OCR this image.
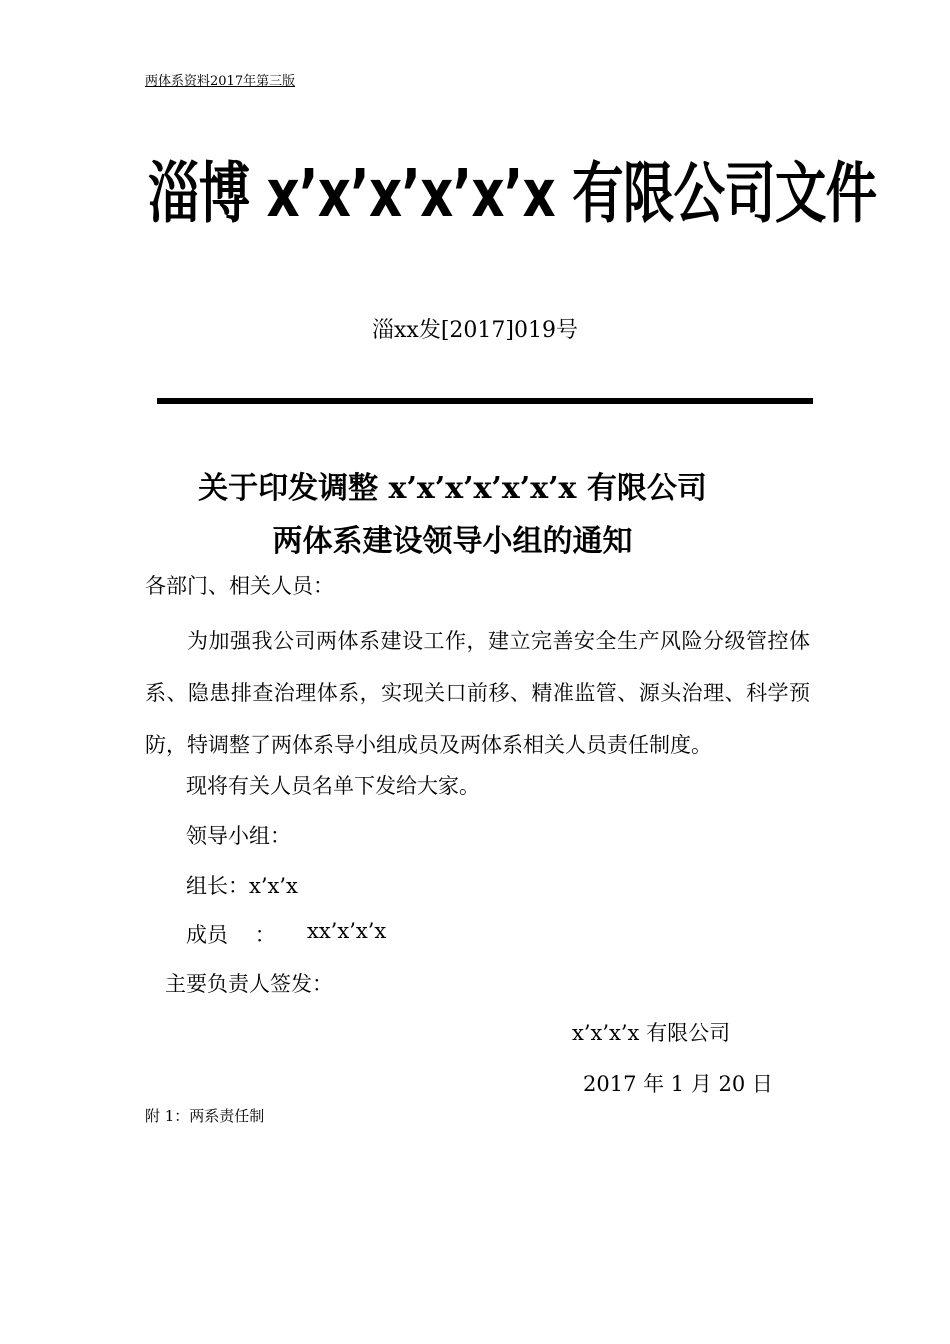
两体系资料2017年第三版
淄博 x’x’x’x’x’x 有限公司文件
淄xx发[2017]019号
关于印发调整 x’x’x’x’x’x’x 有限公司
两体系建设领导小组的通知
各部门、相关人员：
为加强我公司两体系建设工作，建立完善安全生产风险分级管控体系、隐患排查治理体系，实现关口前移、精准监管、源头治理、科学预防，特调整了两体系导小组成员及两体系相关人员责任制度。
现将有关人员名单下发给大家。
领导小组：
组长：x’x’x
成员    ： xx’x’x’x
主要负责人签发：
x’x’x’x 有限公司
2017 年 1 月 20 日
附 1：两系责任制
